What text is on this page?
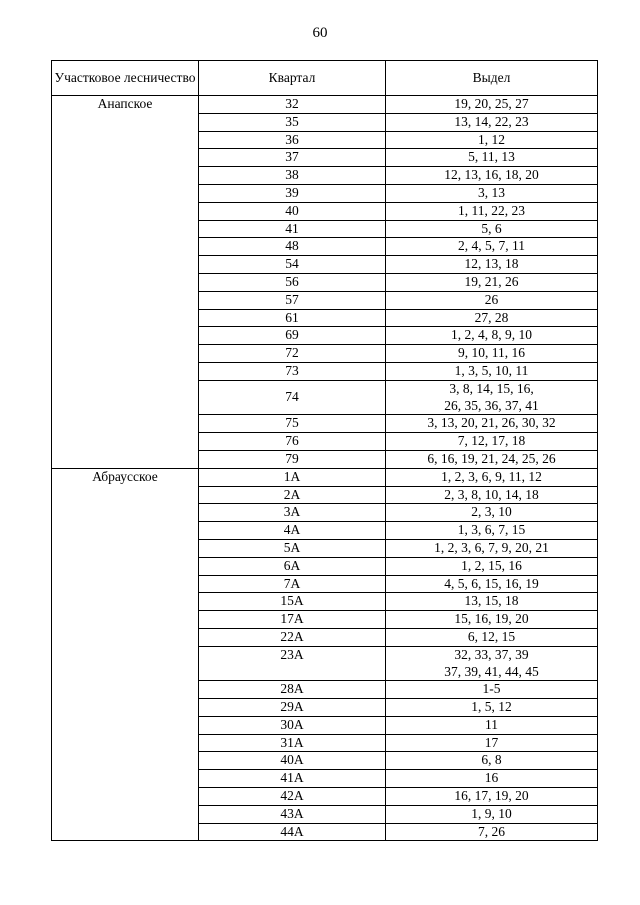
60
Участковое лесничество	Квартал	Выдел
Анапское	32	19, 20, 25, 27

	35	13, 14, 22, 23

	36	1, 12

	37	5, 11, 13

	38	12, 13, 16, 18, 20

	39	3, 13

	40	1, 11, 22, 23

	41	5, 6

	48	2, 4, 5, 7, 11

	54	12, 13, 18

	56	19, 21, 26

	57	26

	61	27, 28

	69	1, 2, 4, 8, 9, 10

	72	9, 10, 11, 16

	73	1, 3, 5, 10, 11

	74	3, 8, 14, 15, 16,
26, 35, 36, 37, 41

	75	3, 13, 20, 21, 26, 30, 32

	76	7, 12, 17, 18

	79	6, 16, 19, 21, 24, 25, 26

Абраусское	1А	1, 2, 3, 6, 9, 11, 12

	2А	2, 3, 8, 10, 14, 18

	3А	2, 3, 10

	4А	1, 3, 6, 7, 15

	5А	1, 2, 3, 6, 7, 9, 20, 21

	6А	1, 2, 15, 16

	7А	4, 5, 6, 15, 16, 19

	15А	13, 15, 18

	17А	15, 16, 19, 20

	22А	6, 12, 15

	23А	32, 33, 37, 39
37, 39, 41, 44, 45

	28А	1-5

	29А	1, 5, 12

	30А	11

	31А	17

	40А	6, 8

	41А	16

	42А	16, 17, 19, 20

	43А	1, 9, 10

	44А	7, 26
